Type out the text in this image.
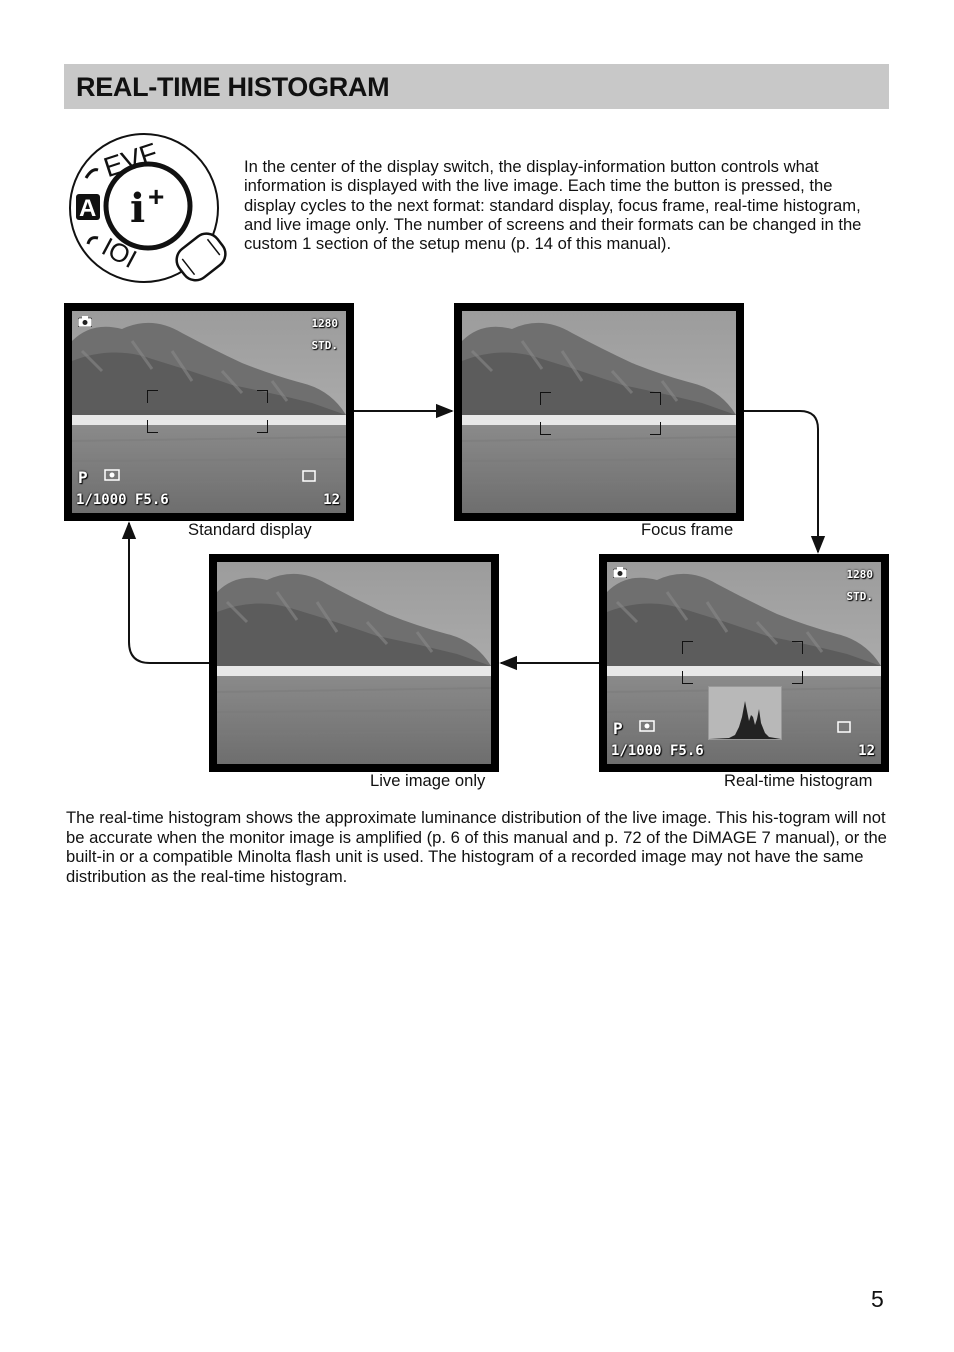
REAL-TIME HISTOGRAM
EVF
A i +
IOI

In the center of the display switch, the display-information button controls what information is displayed with the live image. Each time the button is pressed, the display cycles to the next format: standard display, focus frame, real-time histogram, and live image only. The number of screens and their formats can be changed in the custom 1 section of the setup menu (p. 14 of this manual).

1280
STD.
P
1/1000 F5.6	12
1280
STD.
P
1/1000 F5.6	12
Standard display	Focus frame
Live image only	Real-time histogram

The real-time histogram shows the approximate luminance distribution of the live image. This his-togram will not be accurate when the monitor image is amplified (p. 6 of this manual and p. 72 of the DiMAGE 7 manual), or the built-in or a compatible Minolta flash unit is used. The histogram of a recorded image may not have the same distribution as the real-time histogram.

5
